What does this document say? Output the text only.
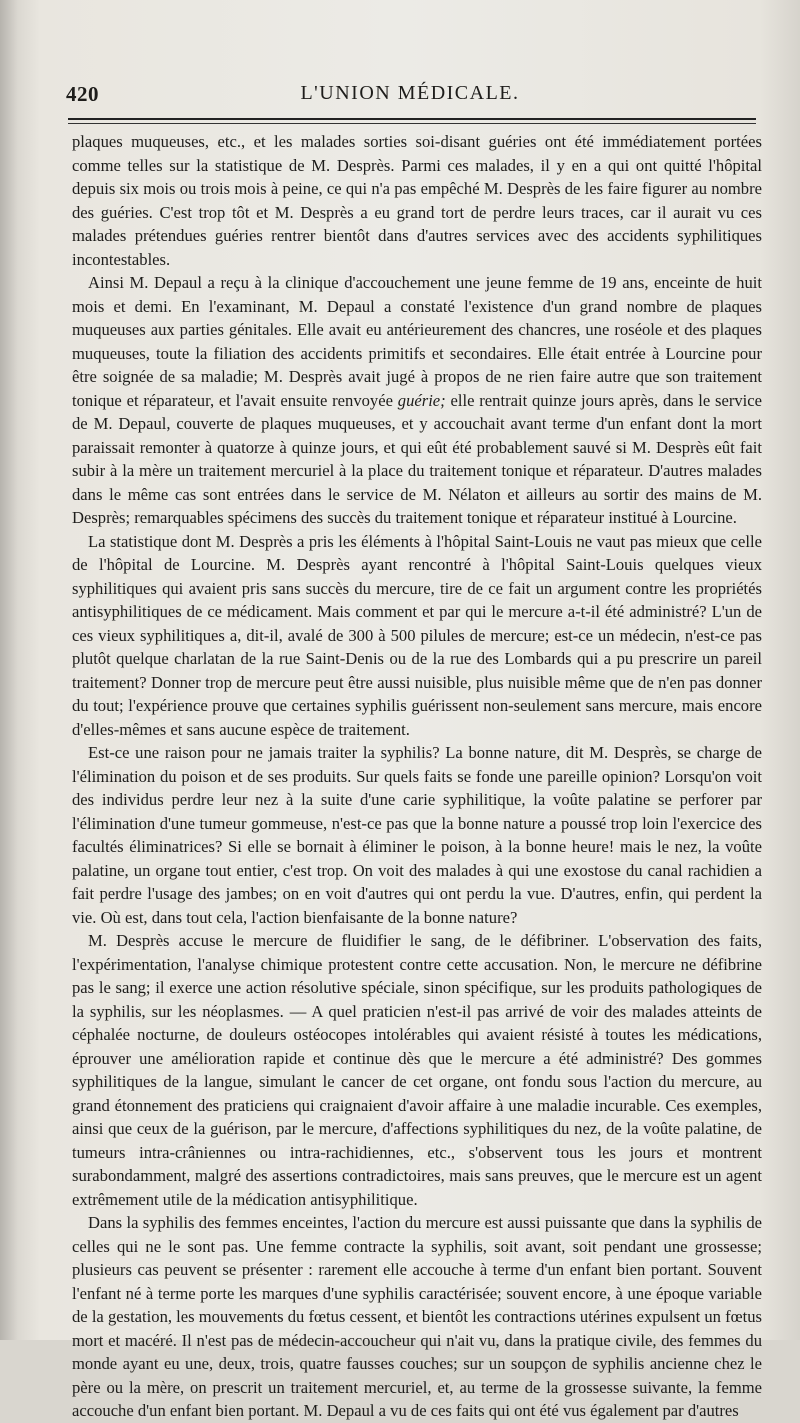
420	L'UNION MÉDICALE.

plaques muqueuses, etc., et les malades sorties soi-disant guéries ont été immédiatement portées comme telles sur la statistique de M. Desprès. Parmi ces malades, il y en a qui ont quitté l'hôpital depuis six mois ou trois mois à peine, ce qui n'a pas empêché M. Desprès de les faire figurer au nombre des guéries. C'est trop tôt et M. Desprès a eu grand tort de perdre leurs traces, car il aurait vu ces malades prétendues guéries rentrer bientôt dans d'autres services avec des accidents syphilitiques incontestables.

Ainsi M. Depaul a reçu à la clinique d'accouchement une jeune femme de 19 ans, enceinte de huit mois et demi. En l'examinant, M. Depaul a constaté l'existence d'un grand nombre de plaques muqueuses aux parties génitales. Elle avait eu antérieurement des chancres, une roséole et des plaques muqueuses, toute la filiation des accidents primitifs et secondaires. Elle était entrée à Lourcine pour être soignée de sa maladie; M. Desprès avait jugé à propos de ne rien faire autre que son traitement tonique et réparateur, et l'avait ensuite renvoyée guérie; elle rentrait quinze jours après, dans le service de M. Depaul, couverte de plaques muqueuses, et y accouchait avant terme d'un enfant dont la mort paraissait remonter à quatorze à quinze jours, et qui eût été probablement sauvé si M. Desprès eût fait subir à la mère un traitement mercuriel à la place du traitement tonique et réparateur. D'autres malades dans le même cas sont entrées dans le service de M. Nélaton et ailleurs au sortir des mains de M. Desprès; remarquables spécimens des succès du traitement tonique et réparateur institué à Lourcine.

La statistique dont M. Desprès a pris les éléments à l'hôpital Saint-Louis ne vaut pas mieux que celle de l'hôpital de Lourcine. M. Desprès ayant rencontré à l'hôpital Saint-Louis quelques vieux syphilitiques qui avaient pris sans succès du mercure, tire de ce fait un argument contre les propriétés antisyphilitiques de ce médicament. Mais comment et par qui le mercure a-t-il été administré? L'un de ces vieux syphilitiques a, dit-il, avalé de 300 à 500 pilules de mercure; est-ce un médecin, n'est-ce pas plutôt quelque charlatan de la rue Saint-Denis ou de la rue des Lombards qui a pu prescrire un pareil traitement? Donner trop de mercure peut être aussi nuisible, plus nuisible même que de n'en pas donner du tout; l'expérience prouve que certaines syphilis guérissent non-seulement sans mercure, mais encore d'elles-mêmes et sans aucune espèce de traitement.

Est-ce une raison pour ne jamais traiter la syphilis? La bonne nature, dit M. Desprès, se charge de l'élimination du poison et de ses produits. Sur quels faits se fonde une pareille opinion? Lorsqu'on voit des individus perdre leur nez à la suite d'une carie syphilitique, la voûte palatine se perforer par l'élimination d'une tumeur gommeuse, n'est-ce pas que la bonne nature a poussé trop loin l'exercice des facultés éliminatrices? Si elle se bornait à éliminer le poison, à la bonne heure! mais le nez, la voûte palatine, un organe tout entier, c'est trop. On voit des malades à qui une exostose du canal rachidien a fait perdre l'usage des jambes; on en voit d'autres qui ont perdu la vue. D'autres, enfin, qui perdent la vie. Où est, dans tout cela, l'action bienfaisante de la bonne nature?

M. Desprès accuse le mercure de fluidifier le sang, de le défibriner. L'observation des faits, l'expérimentation, l'analyse chimique protestent contre cette accusation. Non, le mercure ne défibrine pas le sang; il exerce une action résolutive spéciale, sinon spécifique, sur les produits pathologiques de la syphilis, sur les néoplasmes. — A quel praticien n'est-il pas arrivé de voir des malades atteints de céphalée nocturne, de douleurs ostéocopes intolérables qui avaient résisté à toutes les médications, éprouver une amélioration rapide et continue dès que le mercure a été administré? Des gommes syphilitiques de la langue, simulant le cancer de cet organe, ont fondu sous l'action du mercure, au grand étonnement des praticiens qui craignaient d'avoir affaire à une maladie incurable. Ces exemples, ainsi que ceux de la guérison, par le mercure, d'affections syphilitiques du nez, de la voûte palatine, de tumeurs intra-crâniennes ou intra-rachidiennes, etc., s'observent tous les jours et montrent surabondamment, malgré des assertions contradictoires, mais sans preuves, que le mercure est un agent extrêmement utile de la médication antisyphilitique.

Dans la syphilis des femmes enceintes, l'action du mercure est aussi puissante que dans la syphilis de celles qui ne le sont pas. Une femme contracte la syphilis, soit avant, soit pendant une grossesse; plusieurs cas peuvent se présenter : rarement elle accouche à terme d'un enfant bien portant. Souvent l'enfant né à terme porte les marques d'une syphilis caractérisée; souvent encore, à une époque variable de la gestation, les mouvements du fœtus cessent, et bientôt les contractions utérines expulsent un fœtus mort et macéré. Il n'est pas de médecin-accoucheur qui n'ait vu, dans la pratique civile, des femmes du monde ayant eu une, deux, trois, quatre fausses couches; sur un soupçon de syphilis ancienne chez le père ou la mère, on prescrit un traitement mercuriel, et, au terme de la grossesse suivante, la femme accouche d'un enfant bien portant. M. Depaul a vu de ces faits qui ont été vus également par d'autres
